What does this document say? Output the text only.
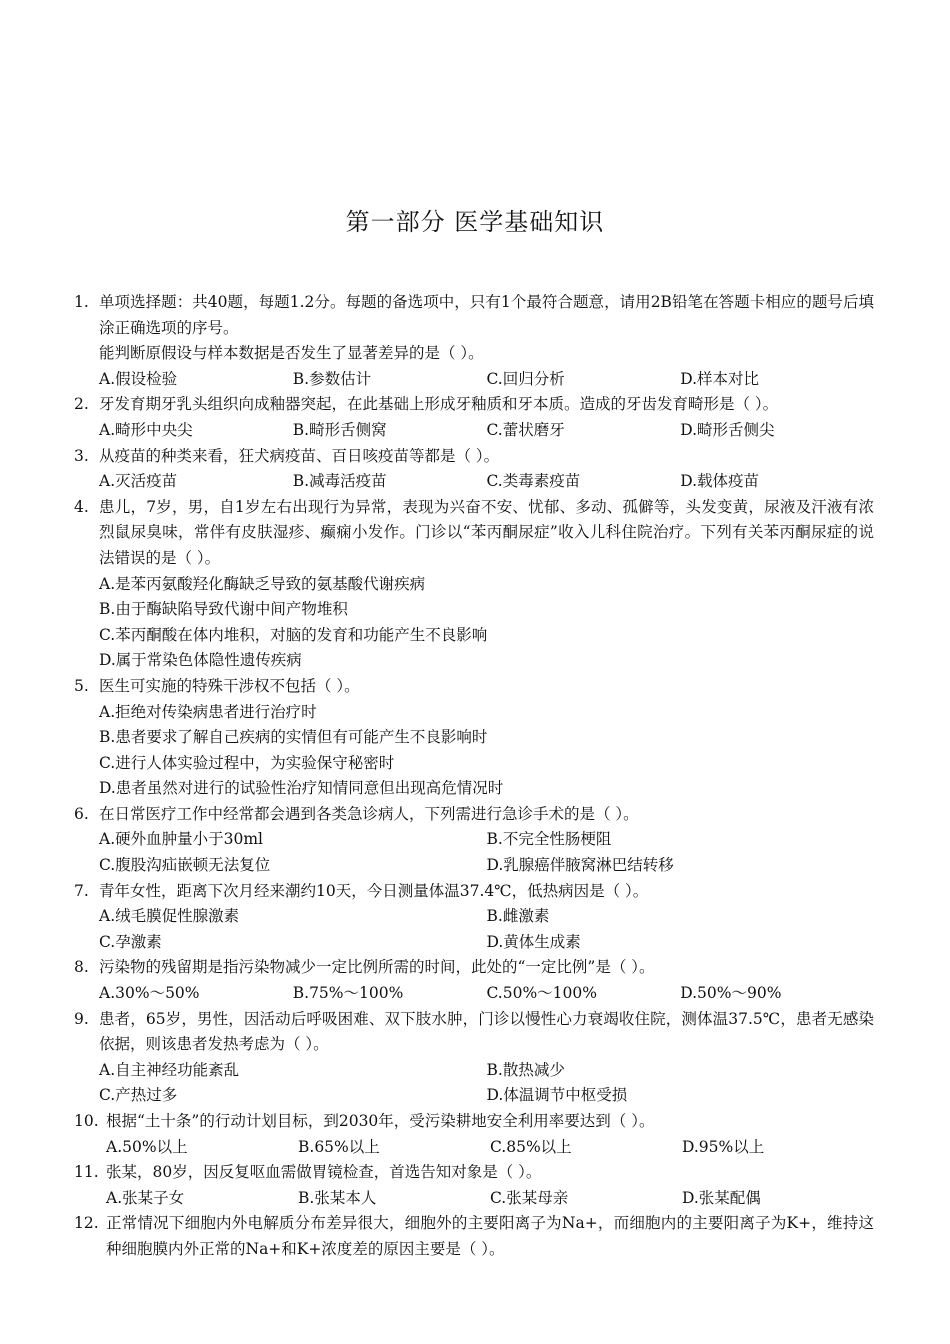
第一部分 医学基础知识
1. 单项选择题：共40题，每题1.2分。每题的备选项中，只有1个最符合题意，请用2B铅笔在答题卡相应的题号后填涂正确选项的序号。
能判断原假设与样本数据是否发生了显著差异的是（ ）。
A.假设检验	B.参数估计	C.回归分析	D.样本对比
2. 牙发育期牙乳头组织向成釉器突起，在此基础上形成牙釉质和牙本质。造成的牙齿发育畸形是（ ）。
A.畸形中央尖	B.畸形舌侧窝	C.蕾状磨牙	D.畸形舌侧尖
3. 从疫苗的种类来看，狂犬病疫苗、百日咳疫苗等都是（ ）。
A.灭活疫苗	B.减毒活疫苗	C.类毒素疫苗	D.载体疫苗
4. 患儿，7岁，男，自1岁左右出现行为异常，表现为兴奋不安、忧郁、多动、孤僻等，头发变黄，尿液及汗液有浓烈鼠尿臭味，常伴有皮肤湿疹、癫痫小发作。门诊以“苯丙酮尿症”收入儿科住院治疗。下列有关苯丙酮尿症的说法错误的是（ ）。
A.是苯丙氨酸羟化酶缺乏导致的氨基酸代谢疾病
B.由于酶缺陷导致代谢中间产物堆积
C.苯丙酮酸在体内堆积，对脑的发育和功能产生不良影响
D.属于常染色体隐性遗传疾病
5. 医生可实施的特殊干涉权不包括（ ）。
A.拒绝对传染病患者进行治疗时
B.患者要求了解自己疾病的实情但有可能产生不良影响时
C.进行人体实验过程中，为实验保守秘密时
D.患者虽然对进行的试验性治疗知情同意但出现高危情况时
6. 在日常医疗工作中经常都会遇到各类急诊病人，下列需进行急诊手术的是（ ）。
A.硬外血肿量小于30ml	B.不完全性肠梗阻
C.腹股沟疝嵌顿无法复位	D.乳腺癌伴腋窝淋巴结转移
7. 青年女性，距离下次月经来潮约10天，今日测量体温37.4℃，低热病因是（ ）。
A.绒毛膜促性腺激素	B.雌激素
C.孕激素	D.黄体生成素
8. 污染物的残留期是指污染物减少一定比例所需的时间，此处的“一定比例”是（ ）。
A.30%～50%	B.75%～100%	C.50%～100%	D.50%～90%
9. 患者，65岁，男性，因活动后呼吸困难、双下肢水肿，门诊以慢性心力衰竭收住院，测体温37.5℃，患者无感染依据，则该患者发热考虑为（ ）。
A.自主神经功能紊乱	B.散热减少
C.产热过多	D.体温调节中枢受损
10. 根据“土十条”的行动计划目标，到2030年，受污染耕地安全利用率要达到（ ）。
A.50%以上	B.65%以上	C.85%以上	D.95%以上
11. 张某，80岁，因反复呕血需做胃镜检查，首选告知对象是（ ）。
A.张某子女	B.张某本人	C.张某母亲	D.张某配偶
12. 正常情况下细胞内外电解质分布差异很大，细胞外的主要阳离子为Na+，而细胞内的主要阳离子为K+，维持这种细胞膜内外正常的Na+和K+浓度差的原因主要是（ ）。
